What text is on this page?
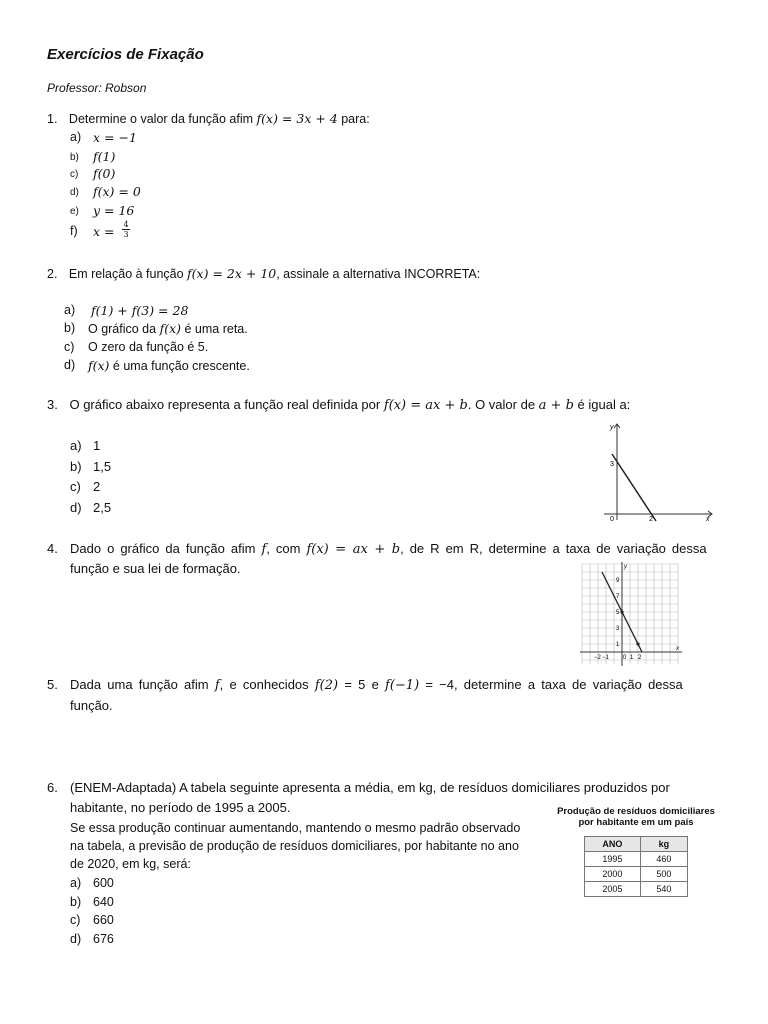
Exercícios de Fixação
Professor: Robson
1. Determine o valor da função afim f(x) = 3x + 4 para:
a) x = −1
b) f(1)
c) f(0)
d) f(x) = 0
e) y = 16
f) $x = \frac{4}{3}$
2. Em relação à função f(x) = 2x + 10, assinale a alternativa INCORRETA:
a) f(1) + f(3) = 28
b) O gráfico da f(x) é uma reta.
c) O zero da função é 5.
d) f(x) é uma função crescente.
3. O gráfico abaixo representa a função real definida por f(x) = ax + b. O valor de a + b é igual a:
a) 1
b) 1,5
c) 2
d) 2,5
y
x
0
3
2
4. Dado o gráfico da função afim f, com f(x) = ax + b, de R em R, determine a taxa de variação dessa
função e sua lei de formação.	y
x
9
7
5
3
1
−2 −1 0 1 2
5. Dada uma função afim f, e conhecidos f(2) = 5 e f(−1) = −4, determine a taxa de variação dessa
função.
6. (ENEM-Adaptada) A tabela seguinte apresenta a média, em kg, de resíduos domiciliares produzidos por
habitante, no período de 1995 a 2005.
Se essa produção continuar aumentando, mantendo o mesmo padrão observado
na tabela, a previsão de produção de resíduos domiciliares, por habitante no ano
de 2020, em kg, será:
a) 600
b) 640
c) 660
d) 676
Produção de resíduos domiciliares
por habitante em um país
ANO	kg
1995	460
2000	500
2005	540
